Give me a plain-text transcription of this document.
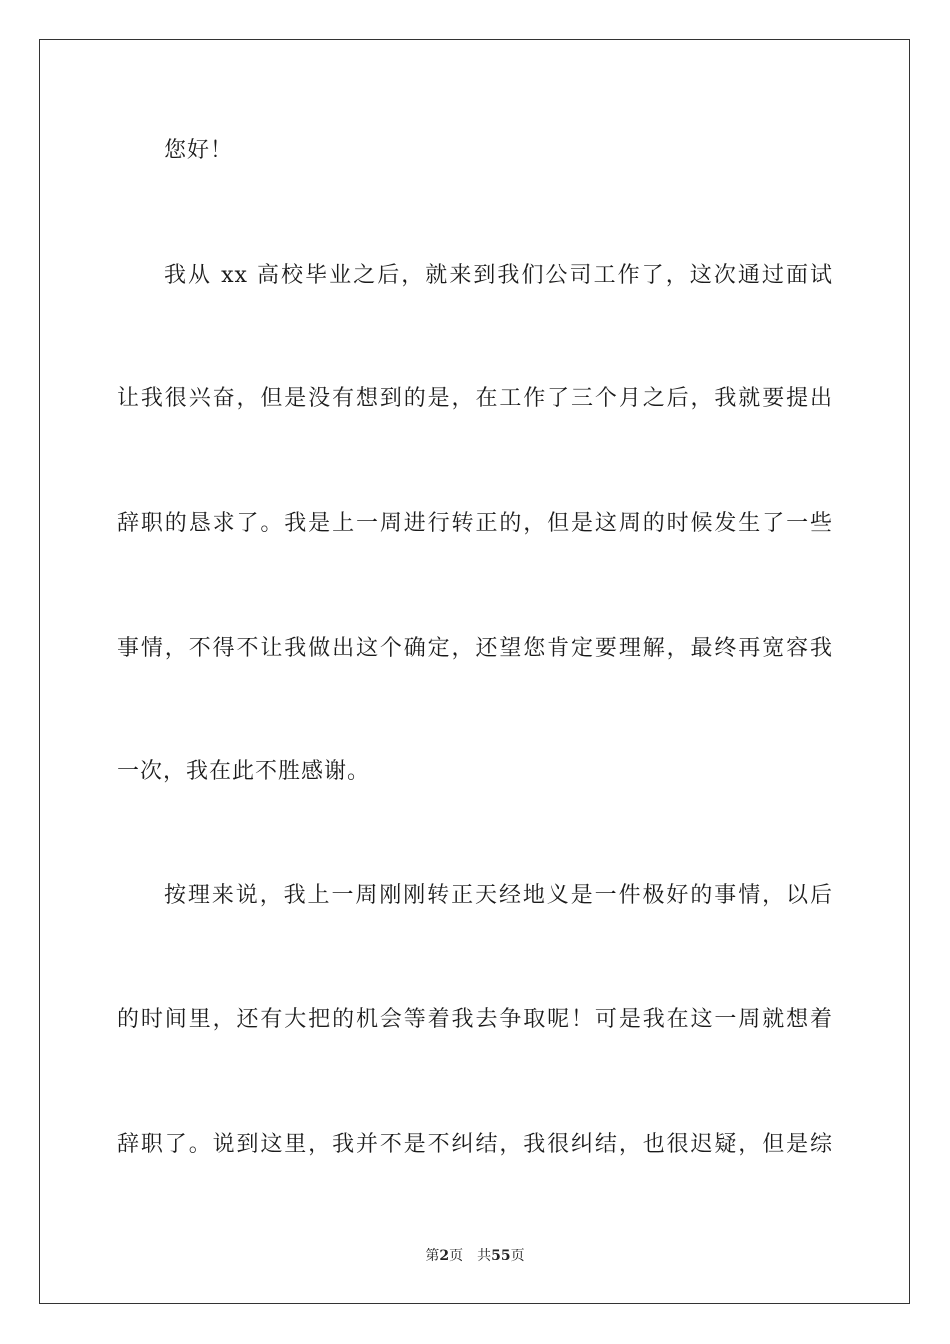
您好！
我从 xx 高校毕业之后，就来到我们公司工作了，这次通过面试
让我很兴奋，但是没有想到的是，在工作了三个月之后，我就要提出
辞职的恳求了。我是上一周进行转正的，但是这周的时候发生了一些
事情，不得不让我做出这个确定，还望您肯定要理解，最终再宽容我
一次，我在此不胜感谢。
按理来说，我上一周刚刚转正天经地义是一件极好的事情，以后
的时间里，还有大把的机会等着我去争取呢！可是我在这一周就想着
辞职了。说到这里，我并不是不纠结，我很纠结，也很迟疑，但是综
第2页 共55页
